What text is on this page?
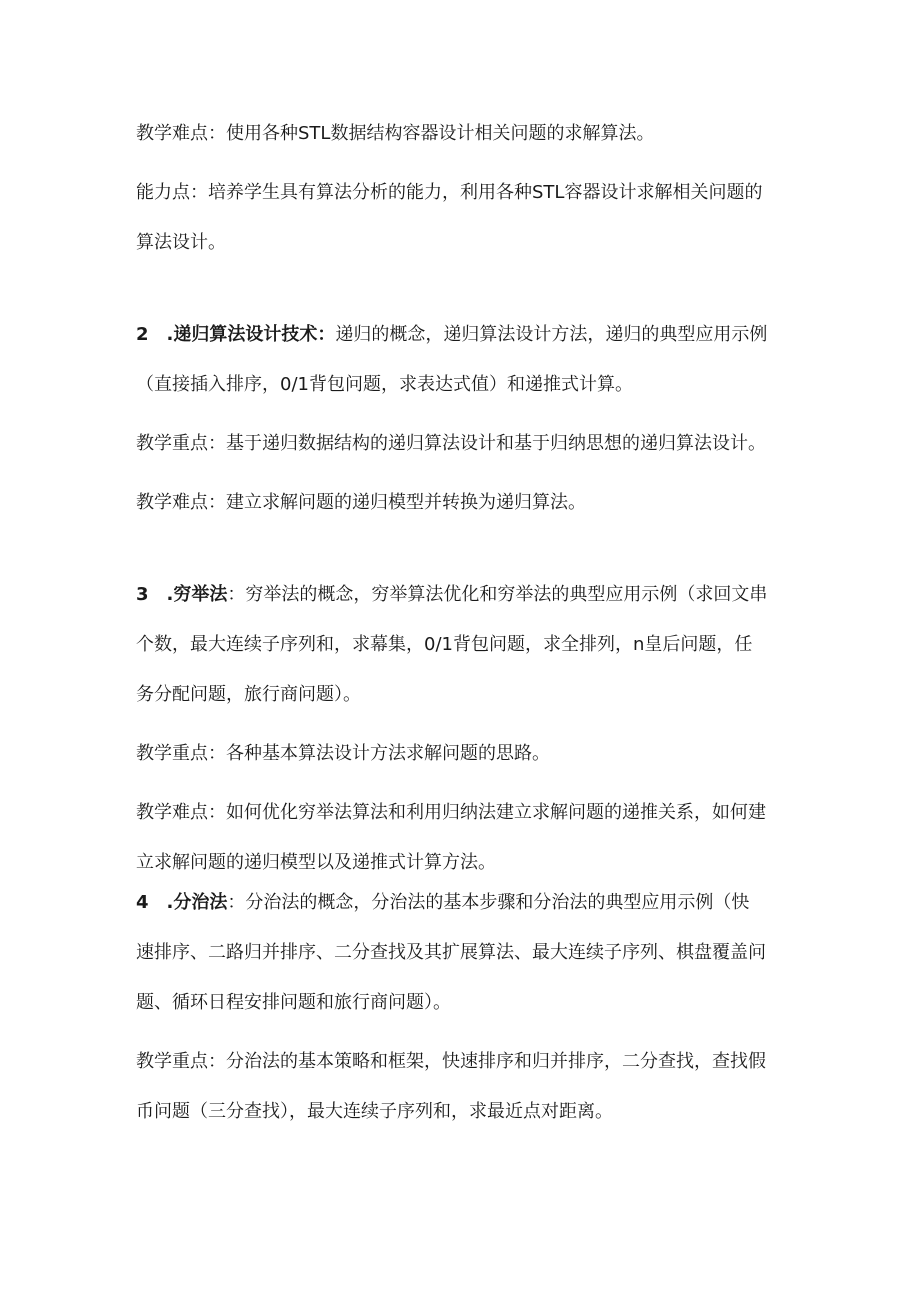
教学难点：使用各种STL数据结构容器设计相关问题的求解算法。
能力点：培养学生具有算法分析的能力，利用各种STL容器设计求解相关问题的
算法设计。
2 .递归算法设计技术：递归的概念，递归算法设计方法，递归的典型应用示例
（直接插入排序，0/1背包问题，求表达式值）和递推式计算。
教学重点：基于递归数据结构的递归算法设计和基于归纳思想的递归算法设计。
教学难点：建立求解问题的递归模型并转换为递归算法。
3 .穷举法：穷举法的概念，穷举算法优化和穷举法的典型应用示例（求回文串
个数，最大连续子序列和，求幕集，0/1背包问题，求全排列，n皇后问题，任
务分配问题，旅行商问题）。
教学重点：各种基本算法设计方法求解问题的思路。
教学难点：如何优化穷举法算法和利用归纳法建立求解问题的递推关系，如何建
立求解问题的递归模型以及递推式计算方法。
4 .分治法：分治法的概念，分治法的基本步骤和分治法的典型应用示例（快
速排序、二路归并排序、二分查找及其扩展算法、最大连续子序列、棋盘覆盖问
题、循环日程安排问题和旅行商问题）。
教学重点：分治法的基本策略和框架，快速排序和归并排序，二分查找，查找假
币问题（三分查找），最大连续子序列和，求最近点对距离。
